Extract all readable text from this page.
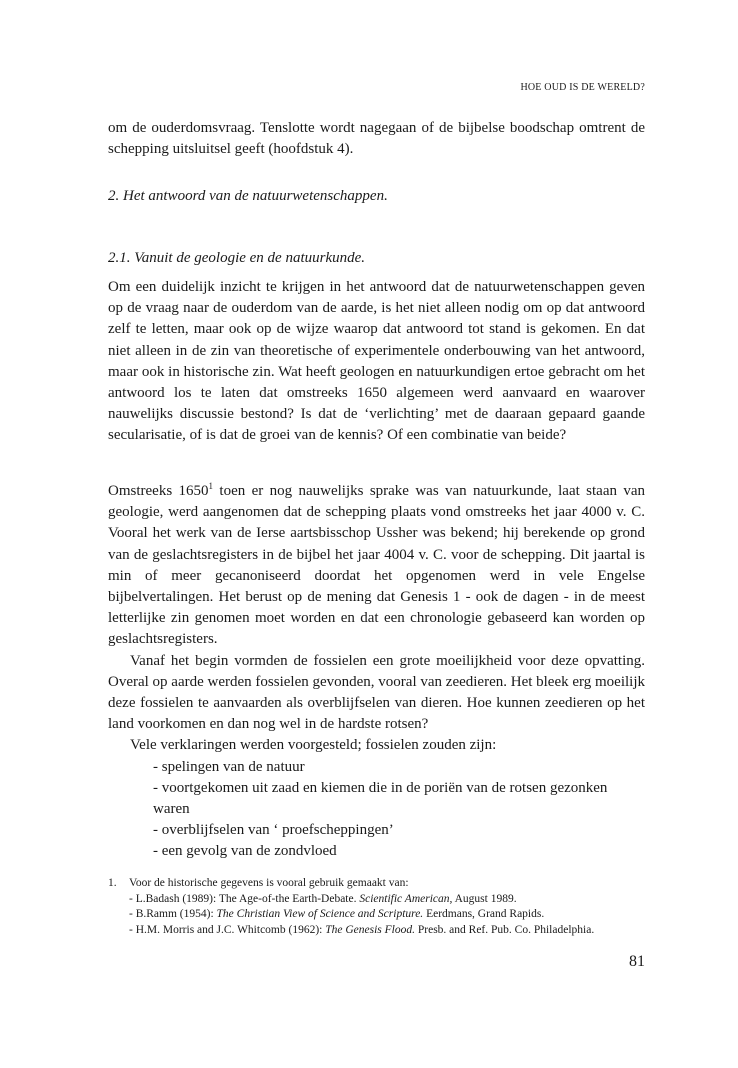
HOE OUD IS DE WERELD?

om de ouderdomsvraag. Tenslotte wordt nagegaan of de bijbelse boodschap omtrent de schepping uitsluitsel geeft (hoofdstuk 4).

2. Het antwoord van de natuurwetenschappen.
2.1. Vanuit de geologie en de natuurkunde.

Om een duidelijk inzicht te krijgen in het antwoord dat de natuurwetenschappen geven op de vraag naar de ouderdom van de aarde, is het niet alleen nodig om op dat antwoord zelf te letten, maar ook op de wijze waarop dat antwoord tot stand is gekomen. En dat niet alleen in de zin van theoretische of experimentele onderbouwing van het antwoord, maar ook in historische zin. Wat heeft geologen en natuurkundigen ertoe gebracht om het antwoord los te laten dat omstreeks 1650 algemeen werd aanvaard en waarover nauwelijks discussie bestond? Is dat de ‘verlichting’ met de daaraan gepaard gaande secularisatie, of is dat de groei van de kennis? Of een combinatie van beide?

Omstreeks 1650$^1$ toen er nog nauwelijks sprake was van natuurkunde, laat staan van geologie, werd aangenomen dat de schepping plaats vond omstreeks het jaar 4000 v. C. Vooral het werk van de Ierse aartsbisschop Ussher was bekend; hij berekende op grond van de geslachtsregisters in de bijbel het jaar 4004 v. C. voor de schepping. Dit jaartal is min of meer gecanoniseerd doordat het opgenomen werd in vele Engelse bijbelvertalingen. Het berust op de mening dat Genesis 1 - ook de dagen - in de meest letterlijke zin genomen moet worden en dat een chronologie gebaseerd kan worden op geslachtsregisters.

Vanaf het begin vormden de fossielen een grote moeilijkheid voor deze opvatting. Overal op aarde werden fossielen gevonden, vooral van zeedieren. Het bleek erg moeilijk deze fossielen te aanvaarden als overblijfselen van dieren. Hoe kunnen zeedieren op het land voorkomen en dan nog wel in de hardste rotsen?

Vele verklaringen werden voorgesteld; fossielen zouden zijn:

- spelingen van de natuur
- voortgekomen uit zaad en kiemen die in de poriën van de rotsen gezonken
waren
- overblijfselen van ‘ proefscheppingen’
- een gevolg van de zondvloed
1. Voor de historische gegevens is vooral gebruik gemaakt van:
- L.Badash (1989): The Age-of-the Earth-Debate. Scientific American, August 1989.
- B.Ramm (1954): The Christian View of Science and Scripture. Eerdmans, Grand Rapids.
- H.M. Morris and J.C. Whitcomb (1962): The Genesis Flood. Presb. and Ref. Pub. Co. Philadelphia.
81
